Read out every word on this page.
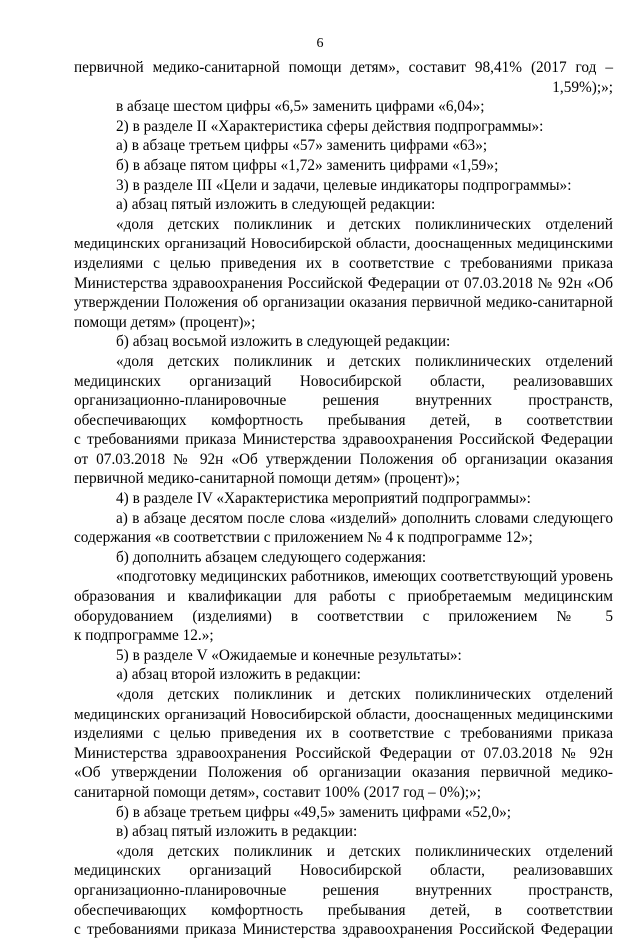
6
первичной медико-санитарной помощи детям», составит 98,41% (2017 год –
1,59%);»;
в абзаце шестом цифры «6,5» заменить цифрами «6,04»;
2) в разделе II «Характеристика сферы действия подпрограммы»:
а) в абзаце третьем цифры «57» заменить цифрами «63»;
б) в абзаце пятом цифры «1,72» заменить цифрами «1,59»;
3) в разделе III «Цели и задачи, целевые индикаторы подпрограммы»:
а) абзац пятый изложить в следующей редакции:
«доля детских поликлиник и детских поликлинических отделений
медицинских организаций Новосибирской области, дооснащенных медицинскими
изделиями с целью приведения их в соответствие с требованиями приказа
Министерства здравоохранения Российской Федерации от 07.03.2018 № 92н «Об
утверждении Положения об организации оказания первичной медико-санитарной
помощи детям» (процент)»;
б) абзац восьмой изложить в следующей редакции:
«доля детских поликлиник и детских поликлинических отделений
медицинских организаций Новосибирской области, реализовавших
организационно-планировочные решения внутренних пространств,
обеспечивающих комфортность пребывания детей, в соответствии
с требованиями приказа Министерства здравоохранения Российской Федерации
от 07.03.2018 № 92н «Об утверждении Положения об организации оказания
первичной медико-санитарной помощи детям» (процент)»;
4) в разделе IV «Характеристика мероприятий подпрограммы»:
а) в абзаце десятом после слова «изделий» дополнить словами следующего
содержания «в соответствии с приложением № 4 к подпрограмме 12»;
б) дополнить абзацем следующего содержания:
«подготовку медицинских работников, имеющих соответствующий уровень
образования и квалификации для работы с приобретаемым медицинским
оборудованием (изделиями) в соответствии с приложением № 5
к подпрограмме 12.»;
5) в разделе V «Ожидаемые и конечные результаты»:
а) абзац второй изложить в редакции:
«доля детских поликлиник и детских поликлинических отделений
медицинских организаций Новосибирской области, дооснащенных медицинскими
изделиями с целью приведения их в соответствие с требованиями приказа
Министерства здравоохранения Российской Федерации от 07.03.2018 № 92н
«Об утверждении Положения об организации оказания первичной медико-
санитарной помощи детям», составит 100% (2017 год – 0%);»;
б) в абзаце третьем цифры «49,5» заменить цифрами «52,0»;
в) абзац пятый изложить в редакции:
«доля детских поликлиник и детских поликлинических отделений
медицинских организаций Новосибирской области, реализовавших
организационно-планировочные решения внутренних пространств,
обеспечивающих комфортность пребывания детей, в соответствии
с требованиями приказа Министерства здравоохранения Российской Федерации
